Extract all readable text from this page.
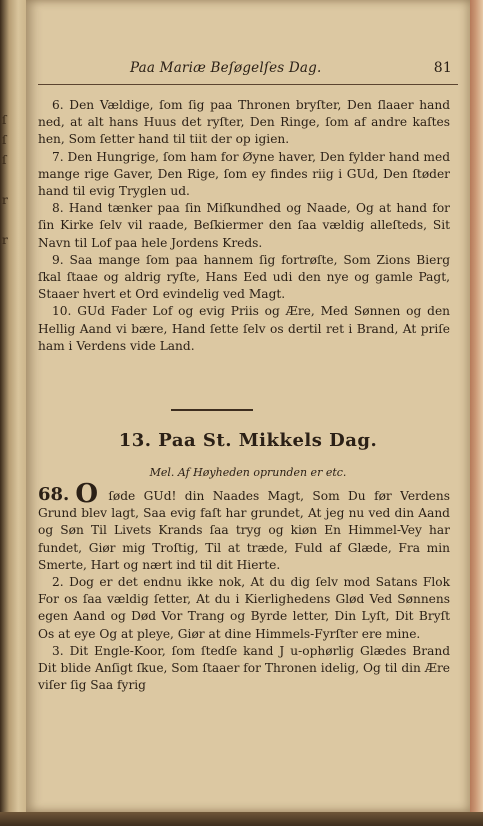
ſ
ſ
ſ

r

r
Paa Mariæ Beſøgelſes Dag.	81

6. Den Vældige, ſom ſig paa Thronen bryſter, Den ſlaaer hand ned, at alt hans Huus det ryſter, Den Ringe, ſom af andre kaſtes hen, Som ſetter hand til tiit der op igien.

7. Den Hungrige, ſom ham for Øyne haver, Den fylder hand med mange rige Gaver, Den Rige, ſom ey findes riig i GUd, Den ſtøder hand til evig Tryglen ud.

8. Hand tænker paa ſin Miſkundhed og Naade, Og at hand for ſin Kirke ſelv vil raade, Beſkiermer den ſaa vældig alleſteds, Sit Navn til Lof paa hele Jordens Kreds.

9. Saa mange ſom paa hannem ſig fortrøſte, Som Zions Bierg ſkal ſtaae og aldrig ryſte, Hans Eed udi den nye og gamle Pagt, Staaer hvert et Ord evindelig ved Magt.

10. GUd Fader Lof og evig Priis og Ære, Med Sønnen og den Hellig Aand vi bære, Hand ſette ſelv os dertil ret i Brand, At priſe ham i Verdens vide Land.

13. Paa St. Mikkels Dag.
Mel. Af Høyheden oprunden er etc.

68. O ſøde GUd! din Naades Magt, Som Du før Verdens Grund blev lagt, Saa evig faſt har grundet, At jeg nu ved din Aand og Søn Til Livets Krands ſaa tryg og kiøn En Himmel-Vey har fundet, Giør mig Troſtig, Til at træde, Fuld af Glæde, Fra min Smerte, Hart og nært ind til dit Hierte.

2. Dog er det endnu ikke nok, At du dig ſelv mod Satans Flok For os ſaa vældig ſetter, At du i Kierlighedens Glød Ved Sønnens egen Aand og Død Vor Trang og Byrde letter, Din Lyſt, Dit Bryſt Os at eye Og at pleye, Giør at dine Himmels-Fyrſter ere mine.

3. Dit Engle-Koor, ſom ſtedſe kand J u-ophørlig Glædes Brand Dit blide Anſigt ſkue, Som ſtaaer for Thronen idelig, Og til din Ære viſer ſig Saa fyrig
